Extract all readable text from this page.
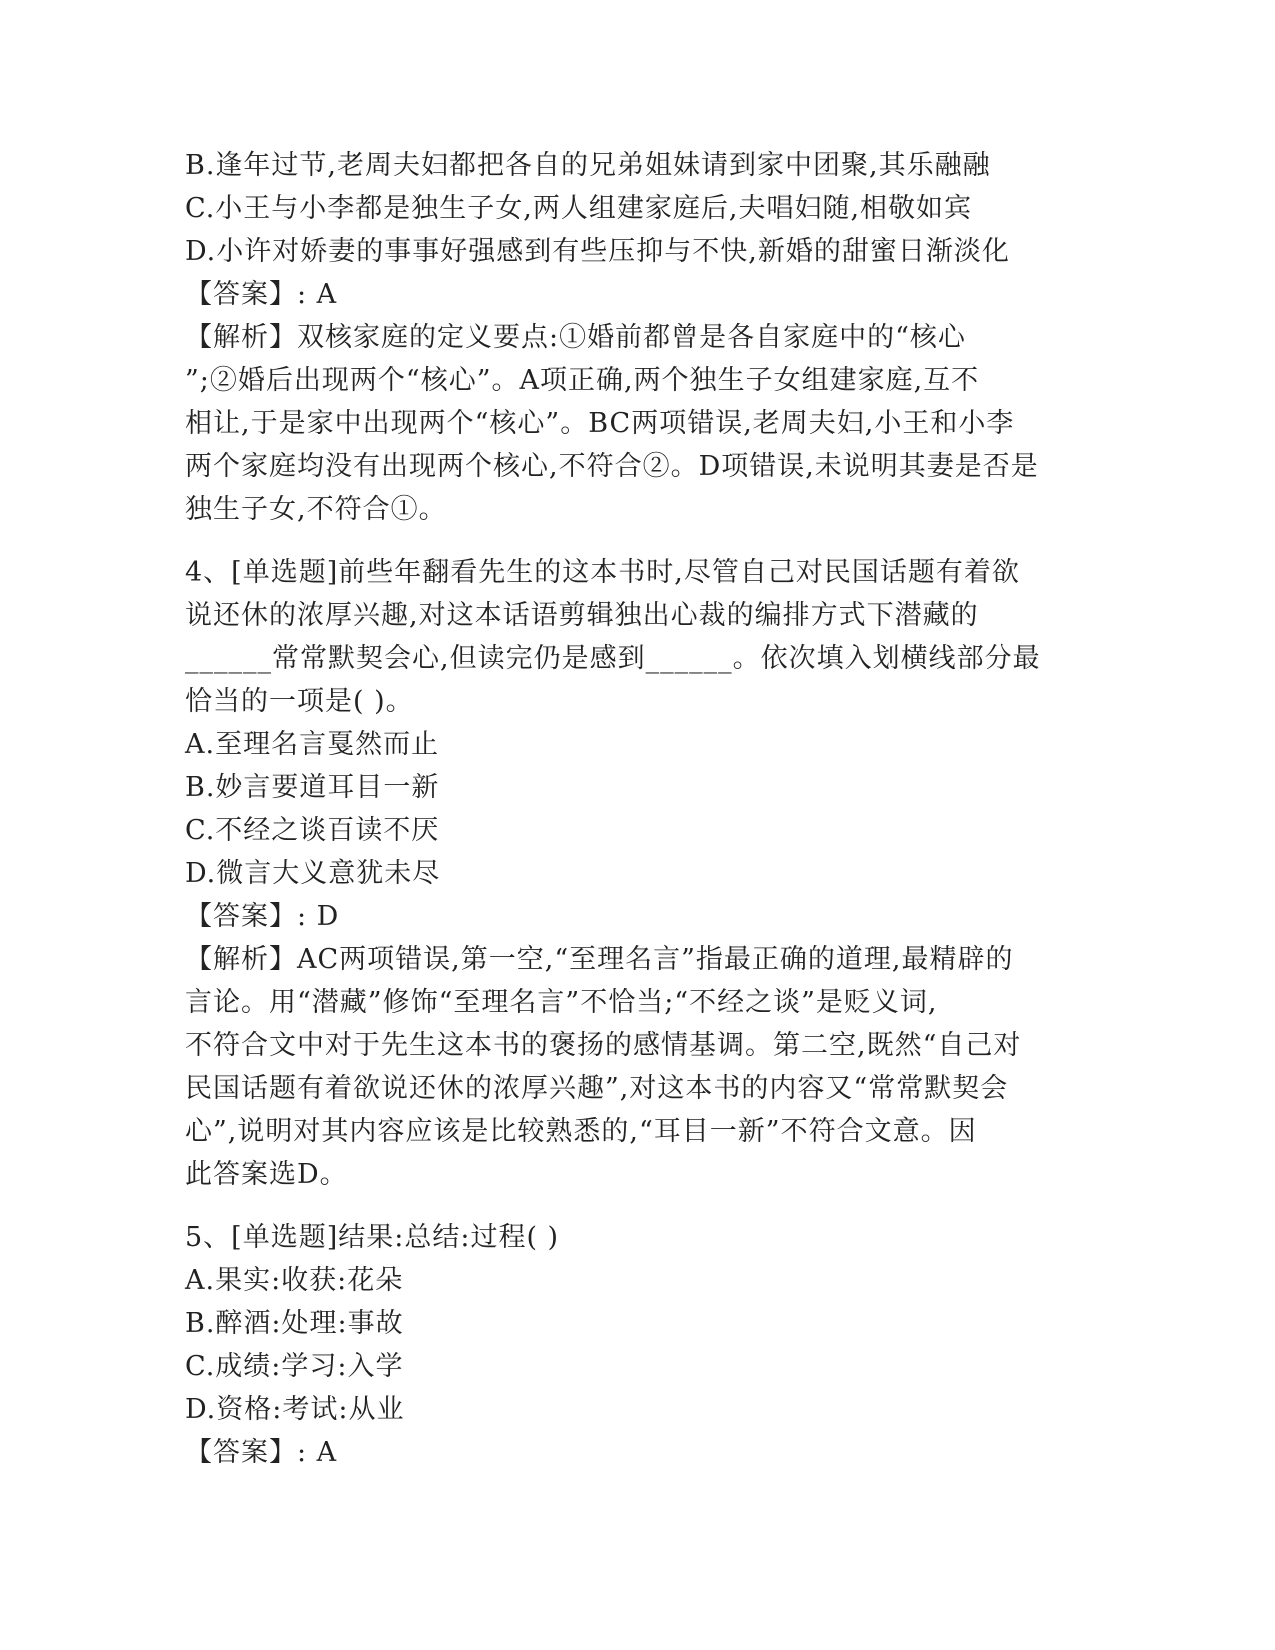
B.逢年过节,老周夫妇都把各自的兄弟姐妹请到家中团聚,其乐融融
C.小王与小李都是独生子女,两人组建家庭后,夫唱妇随,相敬如宾
D.小许对娇妻的事事好强感到有些压抑与不快,新婚的甜蜜日渐淡化
【答案】: A
【解析】双核家庭的定义要点:①婚前都曾是各自家庭中的“核心
”;②婚后出现两个“核心”。A项正确,两个独生子女组建家庭,互不
相让,于是家中出现两个“核心”。BC两项错误,老周夫妇,小王和小李
两个家庭均没有出现两个核心,不符合②。D项错误,未说明其妻是否是
独生子女,不符合①。
4、[单选题]前些年翻看先生的这本书时,尽管自己对民国话题有着欲
说还休的浓厚兴趣,对这本话语剪辑独出心裁的编排方式下潜藏的
______常常默契会心,但读完仍是感到______。依次填入划横线部分最
恰当的一项是( )。
A.至理名言戛然而止
B.妙言要道耳目一新
C.不经之谈百读不厌
D.微言大义意犹未尽
【答案】: D
【解析】AC两项错误,第一空,“至理名言”指最正确的道理,最精辟的
言论。用“潜藏”修饰“至理名言”不恰当;“不经之谈”是贬义词,
不符合文中对于先生这本书的褒扬的感情基调。第二空,既然“自己对
民国话题有着欲说还休的浓厚兴趣”,对这本书的内容又“常常默契会
心”,说明对其内容应该是比较熟悉的,“耳目一新”不符合文意。因
此答案选D。
5、[单选题]结果:总结:过程( )
A.果实:收获:花朵
B.醉酒:处理:事故
C.成绩:学习:入学
D.资格:考试:从业
【答案】: A
